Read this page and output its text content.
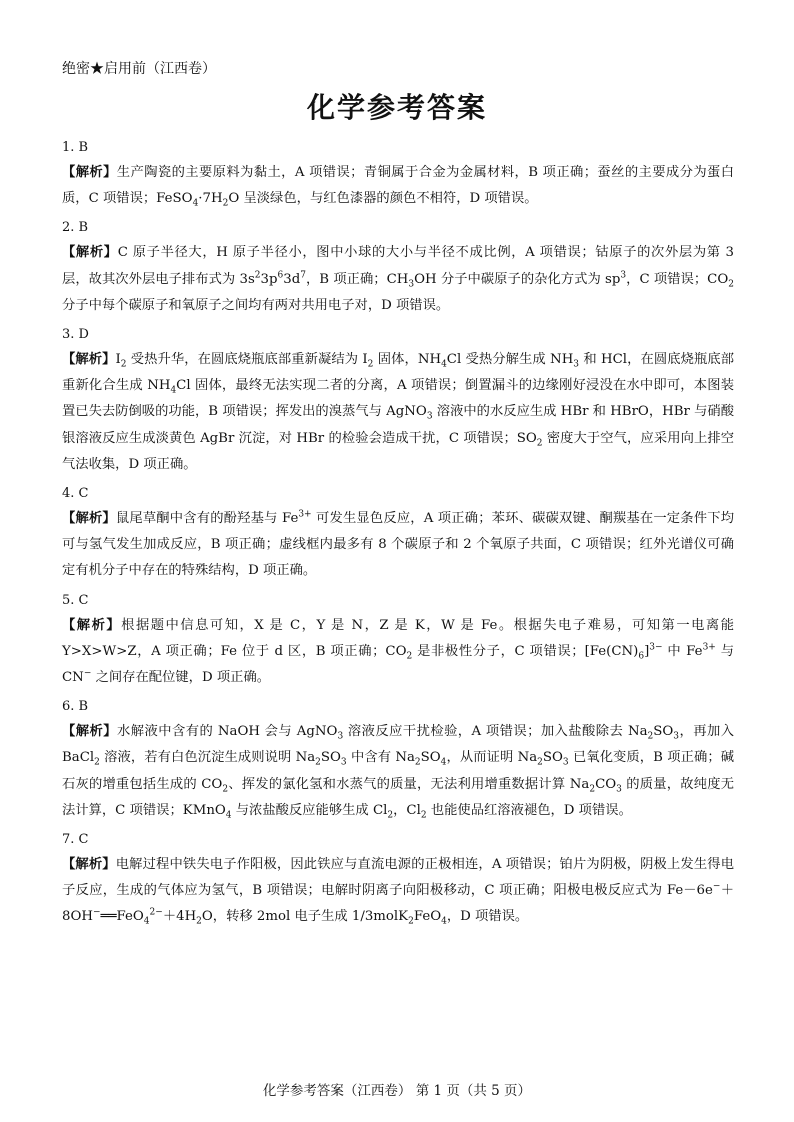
绝密★启用前（江西卷）
化学参考答案

1. B

【解析】生产陶瓷的主要原料为黏土，A 项错误；青铜属于合金为金属材料，B 项正确；蚕丝的主要成分为蛋白质，C 项错误；$FeSO_4\cdot 7H_2O$ 呈淡绿色，与红色漆器的颜色不相符，D 项错误。

2. B

【解析】C 原子半径大，H 原子半径小，图中小球的大小与半径不成比例，A 项错误；钴原子的次外层为第 3 层，故其次外层电子排布式为 $3s^23p^63d^7$，B 项正确；$CH_3OH$ 分子中碳原子的杂化方式为 $sp^3$，C 项错误；$CO_2$ 分子中每个碳原子和氧原子之间均有两对共用电子对，D 项错误。

3. D

【解析】$I_2$ 受热升华，在圆底烧瓶底部重新凝结为 $I_2$ 固体，$NH_4Cl$ 受热分解生成 $NH_3$ 和 HCl，在圆底烧瓶底部重新化合生成 $NH_4Cl$ 固体，最终无法实现二者的分离，A 项错误；倒置漏斗的边缘刚好浸没在水中即可，本图装置已失去防倒吸的功能，B 项错误；挥发出的溴蒸气与 AgNO$_3$ 溶液中的水反应生成 HBr 和 HBrO，HBr 与硝酸银溶液反应生成淡黄色 AgBr 沉淀，对 HBr 的检验会造成干扰，C 项错误；$SO_2$ 密度大于空气，应采用向上排空气法收集，D 项正确。

4. C

【解析】鼠尾草酮中含有的酚羟基与 $Fe^{3+}$ 可发生显色反应，A 项正确；苯环、碳碳双键、酮羰基在一定条件下均可与氢气发生加成反应，B 项正确；虚线框内最多有 8 个碳原子和 2 个氧原子共面，C 项错误；红外光谱仪可确定有机分子中存在的特殊结构，D 项正确。

5. C

【解析】根据题中信息可知，X 是 C，Y 是 N，Z 是 K，W 是 Fe。根据失电子难易，可知第一电离能 Y>X>W>Z，A 项正确；Fe 位于 d 区，B 项正确；$CO_2$ 是非极性分子，C 项错误；$[Fe(CN)_6]^{3-}$ 中 $Fe^{3+}$ 与 CN− 之间存在配位键，D 项正确。

6. B

【解析】水解液中含有的 NaOH 会与 AgNO$_3$ 溶液反应干扰检验，A 项错误；加入盐酸除去 $Na_2SO_3$，再加入 BaCl$_2$ 溶液，若有白色沉淀生成则说明 $Na_2SO_3$ 中含有 $Na_2SO_4$，从而证明 $Na_2SO_3$ 已氧化变质，B 项正确；碱石灰的增重包括生成的 $CO_2$、挥发的氯化氢和水蒸气的质量，无法利用增重数据计算 $Na_2CO_3$ 的质量，故纯度无法计算，C 项错误；KMnO$_4$ 与浓盐酸反应能够生成 $Cl_2$，$Cl_2$ 也能使品红溶液褪色，D 项错误。

7. C

【解析】电解过程中铁失电子作阳极，因此铁应与直流电源的正极相连，A 项错误；铂片为阴极，阴极上发生得电子反应，生成的气体应为氢气，B 项错误；电解时阴离子向阳极移动，C 项正确；阳极电极反应式为 $Fe-6e^-+8OH^-══FeO_4^{2-}+4H_2O$，转移 2mol 电子生成 1/3molK$_2$FeO$_4$，D 项错误。

化学参考答案（江西卷） 第 1 页（共 5 页）
